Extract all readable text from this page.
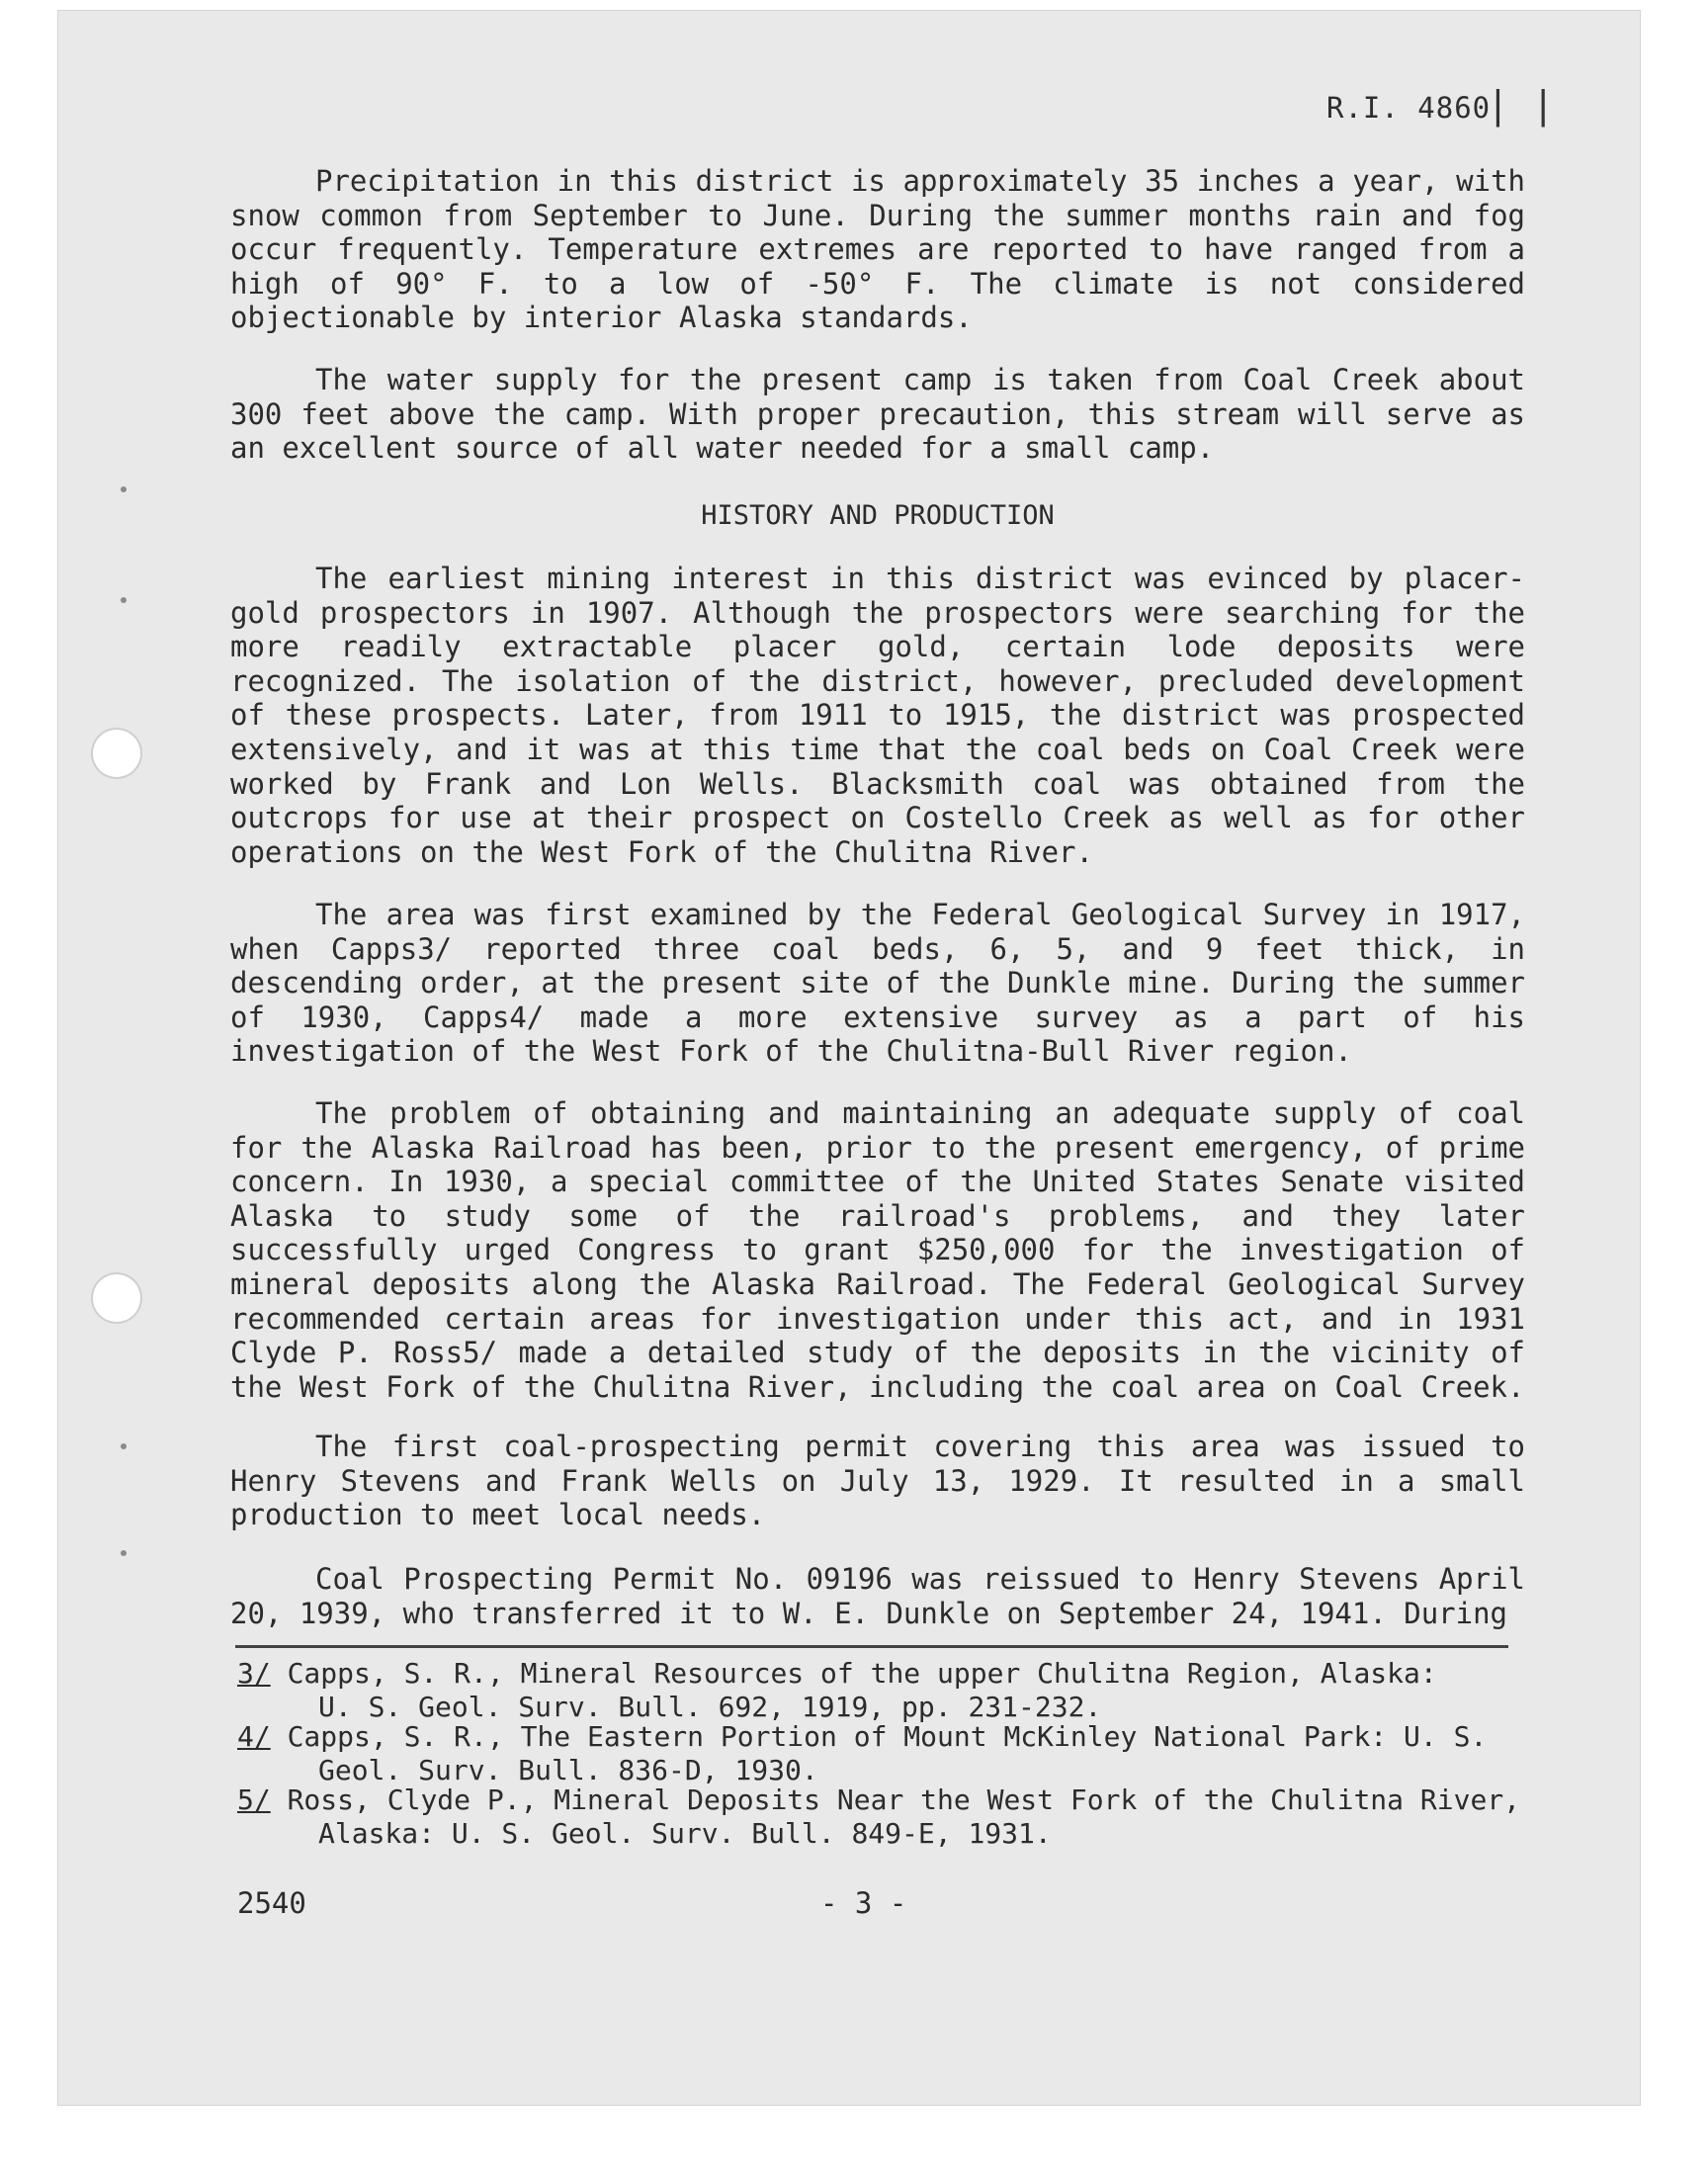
R.I. 4860
| |

Precipitation in this district is approximately 35 inches a year, with snow common from September to June. During the summer months rain and fog occur frequently. Temperature extremes are reported to have ranged from a high of 90° F. to a low of -50° F. The climate is not considered objectionable by interior Alaska standards.

The water supply for the present camp is taken from Coal Creek about 300 feet above the camp. With proper precaution, this stream will serve as an excellent source of all water needed for a small camp.

HISTORY AND PRODUCTION

The earliest mining interest in this district was evinced by placer-gold prospectors in 1907. Although the prospectors were searching for the more readily extractable placer gold, certain lode deposits were recognized. The isolation of the district, however, precluded development of these prospects. Later, from 1911 to 1915, the district was prospected extensively, and it was at this time that the coal beds on Coal Creek were worked by Frank and Lon Wells. Blacksmith coal was obtained from the outcrops for use at their prospect on Costello Creek as well as for other operations on the West Fork of the Chulitna River.

The area was first examined by the Federal Geological Survey in 1917, when Capps3/ reported three coal beds, 6, 5, and 9 feet thick, in descending order, at the present site of the Dunkle mine. During the summer of 1930, Capps4/ made a more extensive survey as a part of his investigation of the West Fork of the Chulitna-Bull River region.

The problem of obtaining and maintaining an adequate supply of coal for the Alaska Railroad has been, prior to the present emergency, of prime concern. In 1930, a special committee of the United States Senate visited Alaska to study some of the railroad's problems, and they later successfully urged Congress to grant $250,000 for the investigation of mineral deposits along the Alaska Railroad. The Federal Geological Survey recommended certain areas for investigation under this act, and in 1931 Clyde P. Ross5/ made a detailed study of the deposits in the vicinity of the West Fork of the Chulitna River, including the coal area on Coal Creek.

The first coal-prospecting permit covering this area was issued to Henry Stevens and Frank Wells on July 13, 1929. It resulted in a small production to meet local needs.

Coal Prospecting Permit No. 09196 was reissued to Henry Stevens April 20, 1939, who transferred it to W. E. Dunkle on September 24, 1941. During

3/ Capps, S. R., Mineral Resources of the upper Chulitna Region, Alaska:
U. S. Geol. Surv. Bull. 692, 1919, pp. 231-232.

4/ Capps, S. R., The Eastern Portion of Mount McKinley National Park: U. S.
Geol. Surv. Bull. 836-D, 1930.

5/ Ross, Clyde P., Mineral Deposits Near the West Fork of the Chulitna River,
Alaska: U. S. Geol. Surv. Bull. 849-E, 1931.

2540	- 3 -
